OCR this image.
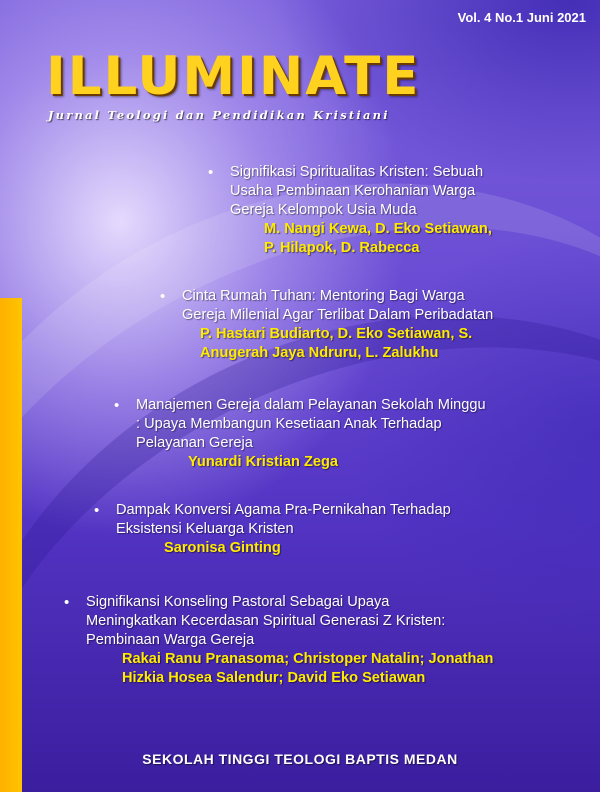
Vol. 4 No.1 Juni 2021
ILLUMINATE
Jurnal Teologi dan Pendidikan Kristiani
• Signifikasi Spiritualitas Kristen: Sebuah
Usaha Pembinaan Kerohanian Warga
Gereja Kelompok Usia Muda
M. Nangi Kewa, D. Eko Setiawan,
P. Hilapok, D. Rabecca
• Cinta Rumah Tuhan: Mentoring Bagi Warga
Gereja Milenial Agar Terlibat Dalam Peribadatan
P. Hastari Budiarto, D. Eko Setiawan, S.
Anugerah Jaya Ndruru, L. Zalukhu
• Manajemen Gereja dalam Pelayanan Sekolah Minggu
: Upaya Membangun Kesetiaan Anak Terhadap
Pelayanan Gereja
Yunardi Kristian Zega
• Dampak Konversi Agama Pra-Pernikahan Terhadap
Eksistensi Keluarga Kristen
Saronisa Ginting
• Signifikansi Konseling Pastoral Sebagai Upaya
Meningkatkan Kecerdasan Spiritual Generasi Z Kristen:
Pembinaan Warga Gereja
Rakai Ranu Pranasoma; Christoper Natalin; Jonathan
Hizkia Hosea Salendur; David Eko Setiawan
SEKOLAH TINGGI TEOLOGI BAPTIS MEDAN
